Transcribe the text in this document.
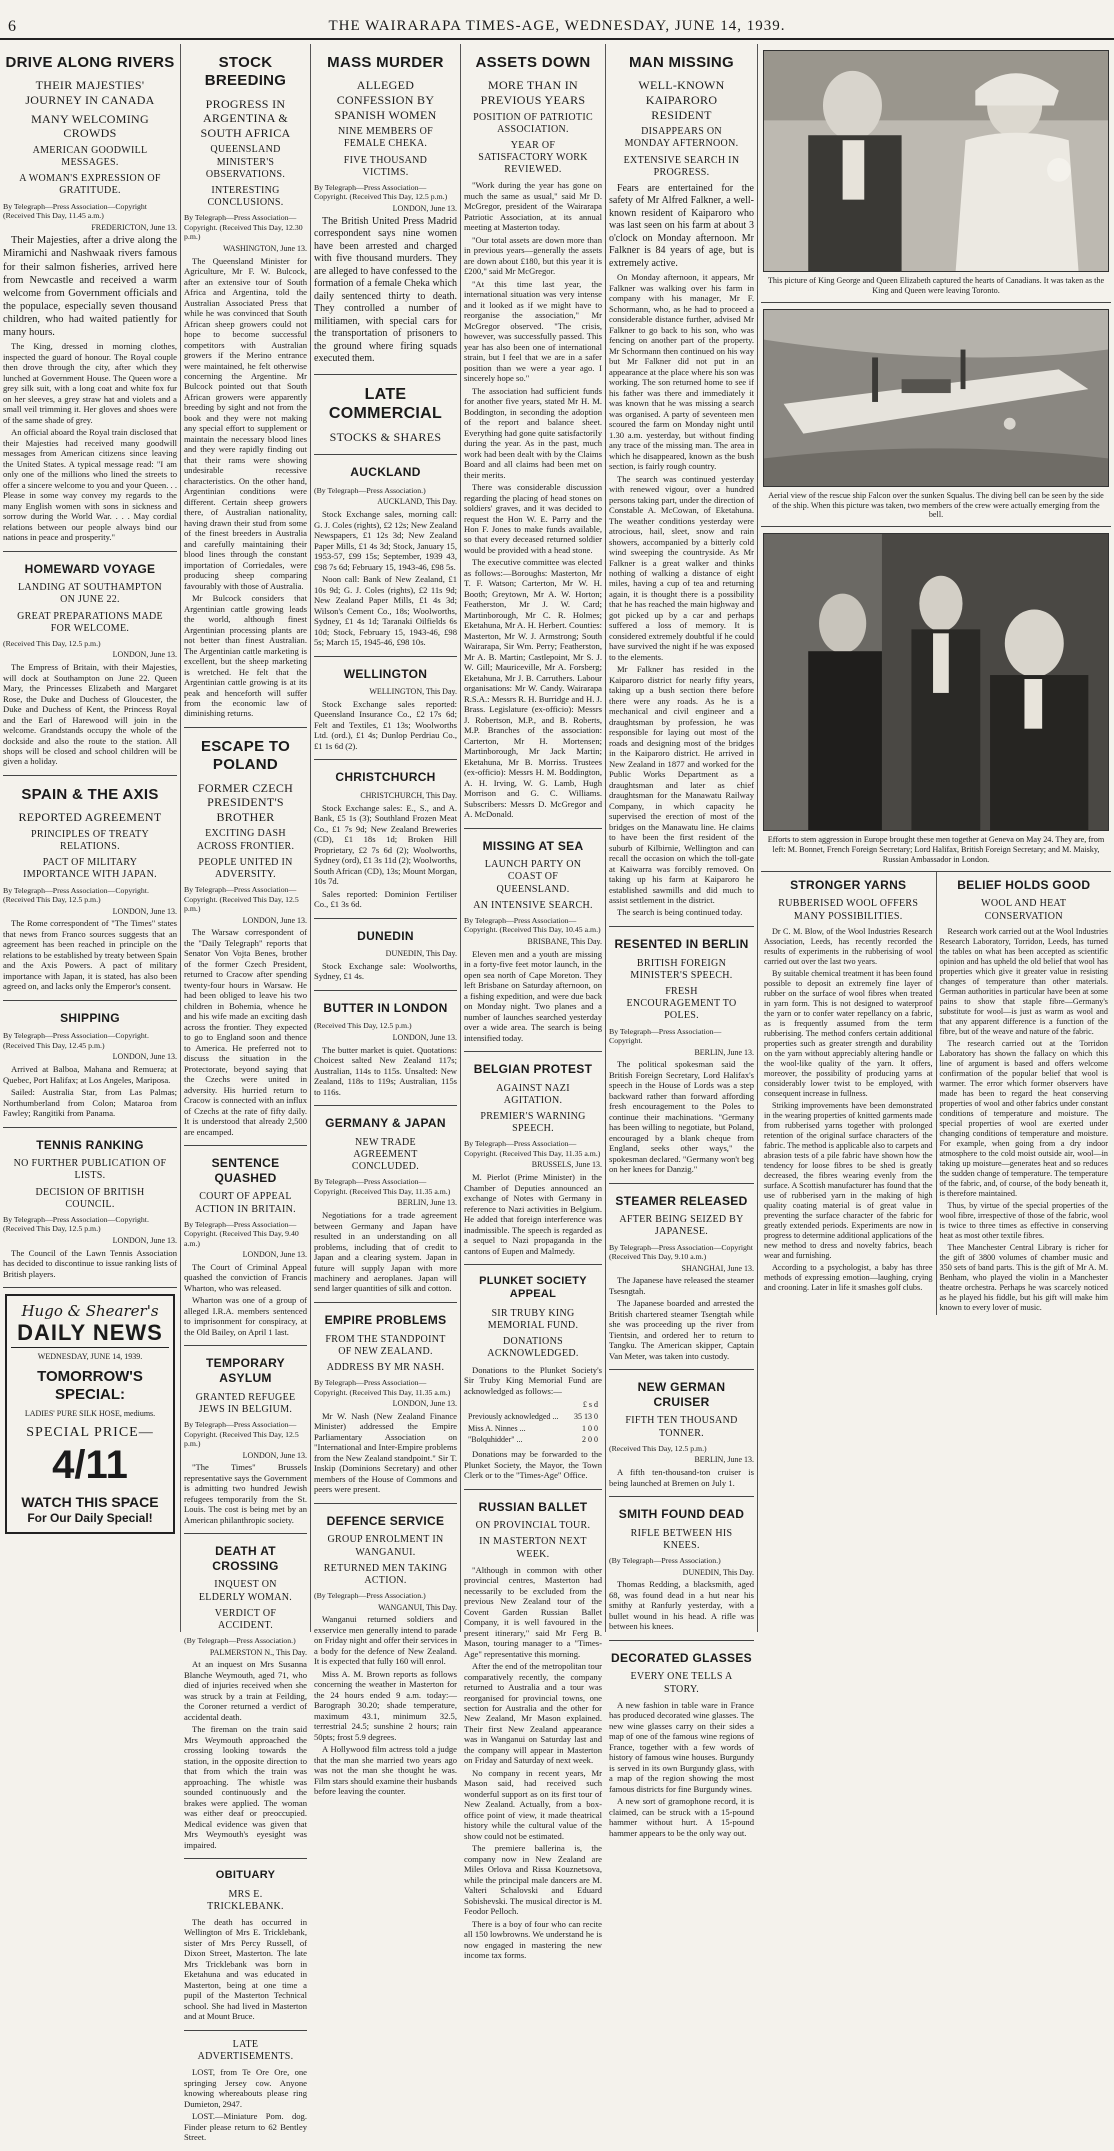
6	THE WAIRARAPA TIMES-AGE, WEDNESDAY, JUNE 14, 1939.
DRIVE ALONG RIVERS
THEIR MAJESTIES' JOURNEY IN CANADA
MANY WELCOMING CROWDS
AMERICAN GOODWILL MESSAGES.
A WOMAN'S EXPRESSION OF GRATITUDE.
By Telegraph—Press Association—Copyright (Received This Day, 11.45 a.m.)
FREDERICTON, June 13.

Their Majesties, after a drive along the Miramichi and Nashwaak rivers famous for their salmon fisheries, arrived here from Newcastle and received a warm welcome from Government officials and the populace, especially seven thousand children, who had waited patiently for many hours.

The King, dressed in morning clothes, inspected the guard of honour. The Royal couple then drove through the city, after which they lunched at Government House. The Queen wore a grey silk suit, with a long coat and white fox fur on her sleeves, a grey straw hat and violets and a small veil trimming it. Her gloves and shoes were of the same shade of grey.

An official aboard the Royal train disclosed that their Majesties had received many goodwill messages from American citizens since leaving the United States. A typical message read: "I am only one of the millions who lined the streets to offer a sincere welcome to you and your Queen. . . Please in some way convey my regards to the many English women with sons in sickness and sorrow during the World War. . . . May cordial relations between our people always bind our nations in peace and prosperity."

HOMEWARD VOYAGE
LANDING AT SOUTHAMPTON ON JUNE 22.
GREAT PREPARATIONS MADE FOR WELCOME.
(Received This Day, 12.5 p.m.)
LONDON, June 13.

The Empress of Britain, with their Majesties, will dock at Southampton on June 22. Queen Mary, the Princesses Elizabeth and Margaret Rose, the Duke and Duchess of Gloucester, the Duke and Duchess of Kent, the Princess Royal and the Earl of Harewood will join in the welcome. Grandstands occupy the whole of the dockside and also the route to the station. All shops will be closed and school children will be given a holiday.

SPAIN & THE AXIS
REPORTED AGREEMENT
PRINCIPLES OF TREATY RELATIONS.
PACT OF MILITARY IMPORTANCE WITH JAPAN.
By Telegraph—Press Association—Copyright. (Received This Day, 12.5 p.m.)
LONDON, June 13.

The Rome correspondent of "The Times" states that news from Franco sources suggests that an agreement has been reached in principle on the relations to be established by treaty between Spain and the Axis Powers. A pact of military importance with Japan, it is stated, has also been agreed on, and lacks only the Emperor's consent.

SHIPPING
By Telegraph—Press Association—Copyright. (Received This Day, 12.45 p.m.)
LONDON, June 13.

Arrived at Balboa, Mahana and Remuera; at Quebec, Port Halifax; at Los Angeles, Mariposa.

Sailed: Australia Star, from Las Palmas; Northumberland from Colon; Mataroa from Fawley; Rangitiki from Panama.

TENNIS RANKING
NO FURTHER PUBLICATION OF LISTS.
DECISION OF BRITISH COUNCIL.
By Telegraph—Press Association—Copyright. (Received This Day, 12.5 p.m.)
LONDON, June 13.

The Council of the Lawn Tennis Association has decided to discontinue to issue ranking lists of British players.

Hugo & Shearer's
DAILY NEWS
WEDNESDAY, JUNE 14, 1939.
TOMORROW'S SPECIAL:
LADIES' PURE SILK HOSE, mediums.
SPECIAL PRICE—
4/11
WATCH THIS SPACE
For Our Daily Special!
STOCK BREEDING
PROGRESS IN ARGENTINA & SOUTH AFRICA
QUEENSLAND MINISTER'S OBSERVATIONS.
INTERESTING CONCLUSIONS.
By Telegraph—Press Association—Copyright. (Received This Day, 12.30 p.m.)
WASHINGTON, June 13.

The Queensland Minister for Agriculture, Mr F. W. Bulcock, after an extensive tour of South Africa and Argentina, told the Australian Associated Press that while he was convinced that South African sheep growers could not hope to become successful competitors with Australian growers if the Merino entrance were maintained, he felt otherwise concerning the Argentine. Mr Bulcock pointed out that South African growers were apparently breeding by sight and not from the book and they were not making any special effort to supplement or maintain the necessary blood lines and they were rapidly finding out that their rams were showing undesirable recessive characteristics. On the other hand, Argentinian conditions were different. Certain sheep growers there, of Australian nationality, having drawn their stud from some of the finest breeders in Australia and carefully maintaining their blood lines through the constant importation of Corriedales, were producing sheep comparing favourably with those of Australia.

Mr Bulcock considers that Argentinian cattle growing leads the world, although finest Argentinian processing plants are not better than finest Australian. The Argentinian cattle marketing is excellent, but the sheep marketing is wretched. He felt that the Argentinian cattle growing is at its peak and henceforth will suffer from the economic law of diminishing returns.

ESCAPE TO POLAND
FORMER CZECH PRESIDENT'S BROTHER
EXCITING DASH ACROSS FRONTIER.
PEOPLE UNITED IN ADVERSITY.
By Telegraph—Press Association—Copyright. (Received This Day, 12.5 p.m.)
LONDON, June 13.

The Warsaw correspondent of the "Daily Telegraph" reports that Senator Von Vojta Benes, brother of the former Czech President, returned to Cracow after spending twenty-four hours in Warsaw. He had been obliged to leave his two children in Bohemia, whence he and his wife made an exciting dash across the frontier. They expected to go to England soon and thence to America. He preferred not to discuss the situation in the Protectorate, beyond saying that the Czechs were united in adversity. His hurried return to Cracow is connected with an influx of Czechs at the rate of fifty daily. It is understood that already 2,500 are encamped.

SENTENCE QUASHED
COURT OF APPEAL ACTION IN BRITAIN.
By Telegraph—Press Association—Copyright. (Received This Day, 9.40 a.m.)
LONDON, June 13.

The Court of Criminal Appeal quashed the conviction of Francis Wharton, who was released.

Wharton was one of a group of alleged I.R.A. members sentenced to imprisonment for conspiracy, at the Old Bailey, on April 1 last.

TEMPORARY ASYLUM
GRANTED REFUGEE JEWS IN BELGIUM.
By Telegraph—Press Association—Copyright. (Received This Day, 12.5 p.m.)
LONDON, June 13.

"The Times" Brussels representative says the Government is admitting two hundred Jewish refugees temporarily from the St. Louis. The cost is being met by an American philanthropic society.

DEATH AT CROSSING
INQUEST ON ELDERLY WOMAN.
VERDICT OF ACCIDENT.
(By Telegraph—Press Association.)
PALMERSTON N., This Day.

At an inquest on Mrs Susanna Blanche Weymouth, aged 71, who died of injuries received when she was struck by a train at Feilding, the Coroner returned a verdict of accidental death.

The fireman on the train said Mrs Weymouth approached the crossing looking towards the station, in the opposite direction to that from which the train was approaching. The whistle was sounded continuously and the brakes were applied. The woman was either deaf or preoccupied. Medical evidence was given that Mrs Weymouth's eyesight was impaired.

OBITUARY
MRS E. TRICKLEBANK.

The death has occurred in Wellington of Mrs E. Tricklebank, sister of Mrs Percy Russell, of Dixon Street, Masterton. The late Mrs Tricklebank was born in Eketahuna and was educated in Masterton, being at one time a pupil of the Masterton Technical school. She had lived in Masterton and at Mount Bruce.

LATE ADVERTISEMENTS.

LOST, from Te Ore Ore, one springing Jersey cow. Anyone knowing whereabouts please ring Dumieton, 2947.

LOST.—Miniature Pom. dog. Finder please return to 62 Bentley Street.

MASS MURDER
ALLEGED CONFESSION BY SPANISH WOMEN
NINE MEMBERS OF FEMALE CHEKA.
FIVE THOUSAND VICTIMS.
By Telegraph—Press Association—Copyright. (Received This Day, 12.5 p.m.)
LONDON, June 13.

The British United Press Madrid correspondent says nine women have been arrested and charged with five thousand murders. They are alleged to have confessed to the formation of a female Cheka which daily sentenced thirty to death. They controlled a number of militiamen, with special cars for the transportation of prisoners to the ground where firing squads executed them.

LATE COMMERCIAL
STOCKS & SHARES
AUCKLAND
(By Telegraph—Press Association.)
AUCKLAND, This Day.

Stock Exchange sales, morning call: G. J. Coles (rights), £2 12s; New Zealand Newspapers, £1 12s 3d; New Zealand Paper Mills, £1 4s 3d; Stock, January 15, 1953-57, £99 15s; September, 1939 43, £98 7s 6d; February 15, 1943-46, £98 5s.

Noon call: Bank of New Zealand, £1 10s 9d; G. J. Coles (rights), £2 11s 9d; New Zealand Paper Mills, £1 4s 3d; Wilson's Cement Co., 18s; Woolworths, Sydney, £1 4s 1d; Taranaki Oilfields 6s 10d; Stock, February 15, 1943-46, £98 5s; March 15, 1945-46, £98 10s.

WELLINGTON
WELLINGTON, This Day.

Stock Exchange sales reported: Queensland Insurance Co., £2 17s 6d; Felt and Textiles, £1 13s; Woolworths Ltd. (ord.), £1 4s; Dunlop Perdriau Co., £1 1s 6d (2).

CHRISTCHURCH
CHRISTCHURCH, This Day.

Stock Exchange sales: E., S., and A. Bank, £5 1s (3); Southland Frozen Meat Co., £1 7s 9d; New Zealand Breweries (CD), £1 18s 1d; Broken Hill Proprietary, £2 7s 6d (2); Woolworths, Sydney (ord), £1 3s 11d (2); Woolworths, South African (CD), 13s; Mount Morgan, 10s 7d.

Sales reported: Dominion Fertiliser Co., £1 3s 6d.

DUNEDIN
DUNEDIN, This Day.

Stock Exchange sale: Woolworths, Sydney, £1 4s.

BUTTER IN LONDON
(Received This Day, 12.5 p.m.)
LONDON, June 13.

The butter market is quiet. Quotations: Choicest salted New Zealand 117s; Australian, 114s to 115s. Unsalted: New Zealand, 118s to 119s; Australian, 115s to 116s.

GERMANY & JAPAN
NEW TRADE AGREEMENT CONCLUDED.
By Telegraph—Press Association—Copyright. (Received This Day, 11.35 a.m.)
BERLIN, June 13.

Negotiations for a trade agreement between Germany and Japan have resulted in an understanding on all problems, including that of credit to Japan and a clearing system. Japan in future will supply Japan with more machinery and aeroplanes. Japan will send larger quantities of silk and cotton.

EMPIRE PROBLEMS
FROM THE STANDPOINT OF NEW ZEALAND.
ADDRESS BY MR NASH.
By Telegraph—Press Association—Copyright. (Received This Day, 11.35 a.m.)
LONDON, June 13.

Mr W. Nash (New Zealand Finance Minister) addressed the Empire Parliamentary Association on "International and Inter-Empire problems from the New Zealand standpoint." Sir T. Inskip (Dominions Secretary) and other members of the House of Commons and peers were present.

DEFENCE SERVICE
GROUP ENROLMENT IN WANGANUI.
RETURNED MEN TAKING ACTION.
(By Telegraph—Press Association.)
WANGANUI, This Day.

Wanganui returned soldiers and exservice men generally intend to parade on Friday night and offer their services in a body for the defence of New Zealand. It is expected that fully 160 will enrol.

Miss A. M. Brown reports as follows concerning the weather in Masterton for the 24 hours ended 9 a.m. today:—Barograph 30.20; shade temperature, maximum 43.1, minimum 32.5, terrestrial 24.5; sunshine 2 hours; rain 50pts; frost 5.9 degrees.

A Hollywood film actress told a judge that the man she married two years ago was not the man she thought he was. Film stars should examine their husbands before leaving the counter.

ASSETS DOWN
MORE THAN IN PREVIOUS YEARS
POSITION OF PATRIOTIC ASSOCIATION.
YEAR OF SATISFACTORY WORK REVIEWED.

"Work during the year has gone on much the same as usual," said Mr D. McGregor, president of the Wairarapa Patriotic Association, at its annual meeting at Masterton today.

"Our total assets are down more than in previous years—generally the assets are down about £180, but this year it is £200," said Mr McGregor.

"At this time last year, the international situation was very intense and it looked as if we might have to reorganise the association," Mr McGregor observed. "The crisis, however, was successfully passed. This year has also been one of international strain, but I feel that we are in a safer position than we were a year ago. I sincerely hope so."

The association had sufficient funds for another five years, stated Mr H. M. Boddington, in seconding the adoption of the report and balance sheet. Everything had gone quite satisfactorily during the year. As in the past, much work had been dealt with by the Claims Board and all claims had been met on their merits.

There was considerable discussion regarding the placing of head stones on soldiers' graves, and it was decided to request the Hon W. E. Parry and the Hon F. Jones to make funds available, so that every deceased returned soldier would be provided with a head stone.

The executive committee was elected as follows:—Boroughs: Masterton, Mr T. F. Watson; Carterton, Mr W. H. Booth; Greytown, Mr A. W. Horton; Featherston, Mr J. W. Card; Martinborough, Mr C. R. Holmes; Eketahuna, Mr A. H. Herbert. Counties: Masterton, Mr W. J. Armstrong; South Wairarapa, Sir Wm. Perry; Featherston, Mr A. B. Martin; Castlepoint, Mr S. J. W. Gill; Mauriceville, Mr A. Forsberg; Eketahuna, Mr J. B. Carruthers. Labour organisations: Mr W. Candy. Wairarapa R.S.A.: Messrs R. H. Burridge and H. J. Brass. Legislature (ex-officio): Messrs J. Robertson, M.P., and B. Roberts, M.P. Branches of the association: Carterton, Mr H. Mortensen; Martinborough, Mr Jack Martin; Eketahuna, Mr B. Morriss. Trustees (ex-officio): Messrs H. M. Boddington, A. H. Irving, W. G. Lamb, Hugh Morrison and G. C. Williams. Subscribers: Messrs D. McGregor and A. McDonald.

MISSING AT SEA
LAUNCH PARTY ON COAST OF QUEENSLAND.
AN INTENSIVE SEARCH.
By Telegraph—Press Association—Copyright. (Received This Day, 10.45 a.m.)
BRISBANE, This Day.

Eleven men and a youth are missing in a forty-five feet motor launch, in the open sea north of Cape Moreton. They left Brisbane on Saturday afternoon, on a fishing expedition, and were due back on Monday night. Two planes and a number of launches searched yesterday over a wide area. The search is being intensified today.

BELGIAN PROTEST
AGAINST NAZI AGITATION.
PREMIER'S WARNING SPEECH.
By Telegraph—Press Association—Copyright. (Received This Day, 11.35 a.m.)
BRUSSELS, June 13.

M. Pierlot (Prime Minister) in the Chamber of Deputies announced an exchange of Notes with Germany in reference to Nazi activities in Belgium. He added that foreign interference was inadmissible. The speech is regarded as a sequel to Nazi propaganda in the cantons of Eupen and Malmedy.

PLUNKET SOCIETY APPEAL
SIR TRUBY KING MEMORIAL FUND.
DONATIONS ACKNOWLEDGED.

Donations to the Plunket Society's Sir Truby King Memorial Fund are acknowledged as follows:—

	£ s d
Previously acknowledged ...	35 13 0
Miss A. Ninnes ...	1 0 0
"Bolquhidder" ...	2 0 0

Donations may be forwarded to the Plunket Society, the Mayor, the Town Clerk or to the "Times-Age" Office.

RUSSIAN BALLET
ON PROVINCIAL TOUR.
IN MASTERTON NEXT WEEK.

"Although in common with other provincial centres, Masterton had necessarily to be excluded from the previous New Zealand tour of the Covent Garden Russian Ballet Company, it is well favoured in the present itinerary," said Mr Ferg B. Mason, touring manager to a "Times-Age" representative this morning.

After the end of the metropolitan tour comparatively recently, the company returned to Australia and a tour was reorganised for provincial towns, one section for Australia and the other for New Zealand, Mr Mason explained. Their first New Zealand appearance was in Wanganui on Saturday last and the company will appear in Masterton on Friday and Saturday of next week.

No company in recent years, Mr Mason said, had received such wonderful support as on its first tour of New Zealand. Actually, from a box-office point of view, it made theatrical history while the cultural value of the show could not be estimated.

The premiere ballerina is, the company now in New Zealand are Miles Orlova and Rissa Kouznetsova, while the principal male dancers are M. Valteri Schalovski and Eduard Sobishevski. The musical director is M. Feodor Pelloch.

There is a boy of four who can recite all 150 lowbrowns. We understand he is now engaged in mastering the new income tax forms.

MAN MISSING
WELL-KNOWN KAIPARORO RESIDENT
DISAPPEARS ON MONDAY AFTERNOON.
EXTENSIVE SEARCH IN PROGRESS.

Fears are entertained for the safety of Mr Alfred Falkner, a well-known resident of Kaiparoro who was last seen on his farm at about 3 o'clock on Monday afternoon. Mr Falkner is 84 years of age, but is extremely active.

On Monday afternoon, it appears, Mr Falkner was walking over his farm in company with his manager, Mr F. Schormann, who, as he had to proceed a considerable distance further, advised Mr Falkner to go back to his son, who was fencing on another part of the property. Mr Schormann then continued on his way but Mr Falkner did not put in an appearance at the place where his son was working. The son returned home to see if his father was there and immediately it was known that he was missing a search was organised. A party of seventeen men scoured the farm on Monday night until 1.30 a.m. yesterday, but without finding any trace of the missing man. The area in which he disappeared, known as the bush section, is fairly rough country.

The search was continued yesterday with renewed vigour, over a hundred persons taking part, under the direction of Constable A. McCowan, of Eketahuna. The weather conditions yesterday were atrocious, hail, sleet, snow and rain showers, accompanied by a bitterly cold wind sweeping the countryside. As Mr Falkner is a great walker and thinks nothing of walking a distance of eight miles, having a cup of tea and returning again, it is thought there is a possibility that he has reached the main highway and got picked up by a car and perhaps suffered a loss of memory. It is considered extremely doubtful if he could have survived the night if he was exposed to the elements.

Mr Falkner has resided in the Kaiparoro district for nearly fifty years, taking up a bush section there before there were any roads. As he is a mechanical and civil engineer and a draughtsman by profession, he was responsible for laying out most of the roads and designing most of the bridges in the Kaiparoro district. He arrived in New Zealand in 1877 and worked for the Public Works Department as a draughtsman and later as chief draughtsman for the Manawatu Railway Company, in which capacity he supervised the erection of most of the bridges on the Manawatu line. He claims to have been the first resident of the suburb of Kilbirnie, Wellington and can recall the occasion on which the toll-gate at Kaiwarra was forcibly removed. On taking up his farm at Kaiparoro he established sawmills and did much to assist settlement in the district.

The search is being continued today.

RESENTED IN BERLIN
BRITISH FOREIGN MINISTER'S SPEECH.
FRESH ENCOURAGEMENT TO POLES.
By Telegraph—Press Association—Copyright.
BERLIN, June 13.

The political spokesman said the British Foreign Secretary, Lord Halifax's speech in the House of Lords was a step backward rather than forward affording fresh encouragement to the Poles to continue their machinations. "Germany has been willing to negotiate, but Poland, encouraged by a blank cheque from England, seeks other ways," the spokesman declared. "Germany won't beg on her knees for Danzig."

STEAMER RELEASED
AFTER BEING SEIZED BY JAPANESE.
By Telegraph—Press Association—Copyright (Received This Day, 9.10 a.m.)
SHANGHAI, June 13.

The Japanese have released the steamer Tsesngtah.

The Japanese boarded and arrested the British chartered steamer Tsengtah while she was proceeding up the river from Tientsin, and ordered her to return to Tangku. The American skipper, Captain Van Meter, was taken into custody.

NEW GERMAN CRUISER
FIFTH TEN THOUSAND TONNER.
(Received This Day, 12.5 p.m.)
BERLIN, June 13.

A fifth ten-thousand-ton cruiser is being launched at Bremen on July 1.

SMITH FOUND DEAD
RIFLE BETWEEN HIS KNEES.
(By Telegraph—Press Association.)
DUNEDIN, This Day.

Thomas Redding, a blacksmith, aged 68, was found dead in a hut near his smithy at Ranfurly yesterday, with a bullet wound in his head. A rifle was between his knees.

DECORATED GLASSES
EVERY ONE TELLS A STORY.

A new fashion in table ware in France has produced decorated wine glasses. The new wine glasses carry on their sides a map of one of the famous wine regions of France, together with a few words of history of famous wine houses. Burgundy is served in its own Burgundy glass, with a map of the region showing the most famous districts for fine Burgundy wines.

A new sort of gramophone record, it is claimed, can be struck with a 15-pound hammer without hurt. A 15-pound hammer appears to be the only way out.

This picture of King George and Queen Elizabeth captured the hearts of Canadians. It was taken as the King and Queen were leaving Toronto.
Aerial view of the rescue ship Falcon over the sunken Squalus. The diving bell can be seen by the side of the ship. When this picture was taken, two members of the crew were actually emerging from the bell.
Efforts to stem aggression in Europe brought these men together at Geneva on May 24. They are, from left: M. Bonnet, French Foreign Secretary; Lord Halifax, British Foreign Secretary; and M. Maisky, Russian Ambassador in London.
STRONGER YARNS
RUBBERISED WOOL OFFERS MANY POSSIBILITIES.

Dr C. M. Blow, of the Wool Industries Research Association, Leeds, has recently recorded the results of experiments in the rubberising of wool carried out over the last two years.

By suitable chemical treatment it has been found possible to deposit an extremely fine layer of rubber on the surface of wool fibres when treated in yarn form. This is not designed to waterproof the yarn or to confer water repellancy on a fabric, as is frequently assumed from the term rubberising. The method confers certain additional properties such as greater strength and durability on the yarn without appreciably altering handle or the wool-like quality of the yarn. It offers, moreover, the possibility of producing yarns at considerably lower twist to be employed, with consequent increase in fullness.

Striking improvements have been demonstrated in the wearing properties of knitted garments made from rubberised yarns together with prolonged retention of the original surface characters of the fabric. The method is applicable also to carpets and abrasion tests of a pile fabric have shown how the tendency for loose fibres to be shed is greatly decreased, the fibres wearing evenly from the surface. A Scottish manufacturer has found that the use of rubberised yarn in the making of high quality coating material is of great value in preventing the surface character of the fabric for greatly extended periods. Experiments are now in progress to determine additional applications of the new method to dress and novelty fabrics, beach wear and furnishing.

According to a psychologist, a baby has three methods of expressing emotion—laughing, crying and crooning. Later in life it smashes golf clubs.

BELIEF HOLDS GOOD
WOOL AND HEAT CONSERVATION

Research work carried out at the Wool Industries Research Laboratory, Torridon, Leeds, has turned the tables on what has been accepted as scientific opinion and has upheld the old belief that wool has properties which give it greater value in resisting changes of temperature than other materials. German authorities in particular have been at some pains to show that staple fibre—Germany's substitute for wool—is just as warm as wool and that any apparent difference is a function of the fibre, but of the weave and nature of the fabric.

The research carried out at the Torridon Laboratory has shown the fallacy on which this line of argument is based and offers welcome confirmation of the popular belief that wool is warmer. The error which former observers have made has been to regard the heat conserving properties of wool and other fabrics under constant conditions of temperature and moisture. The special properties of wool are exerted under changing conditions of temperature and moisture. For example, when going from a dry indoor atmosphere to the cold moist outside air, wool—in taking up moisture—generates heat and so reduces the sudden change of temperature. The temperature of the fabric, and, of course, of the body beneath it, is therefore maintained.

Thus, by virtue of the special properties of the wool fibre, irrespective of those of the fabric, wool is twice to three times as effective in conserving heat as most other textile fibres.

Thee Manchester Central Library is richer for the gift of 3800 volumes of chamber music and 350 sets of band parts. This is the gift of Mr A. M. Benham, who played the violin in a Manchester theatre orchestra. Perhaps he was scarcely noticed as he played his fiddle, but his gift will make him known to every lover of music.
